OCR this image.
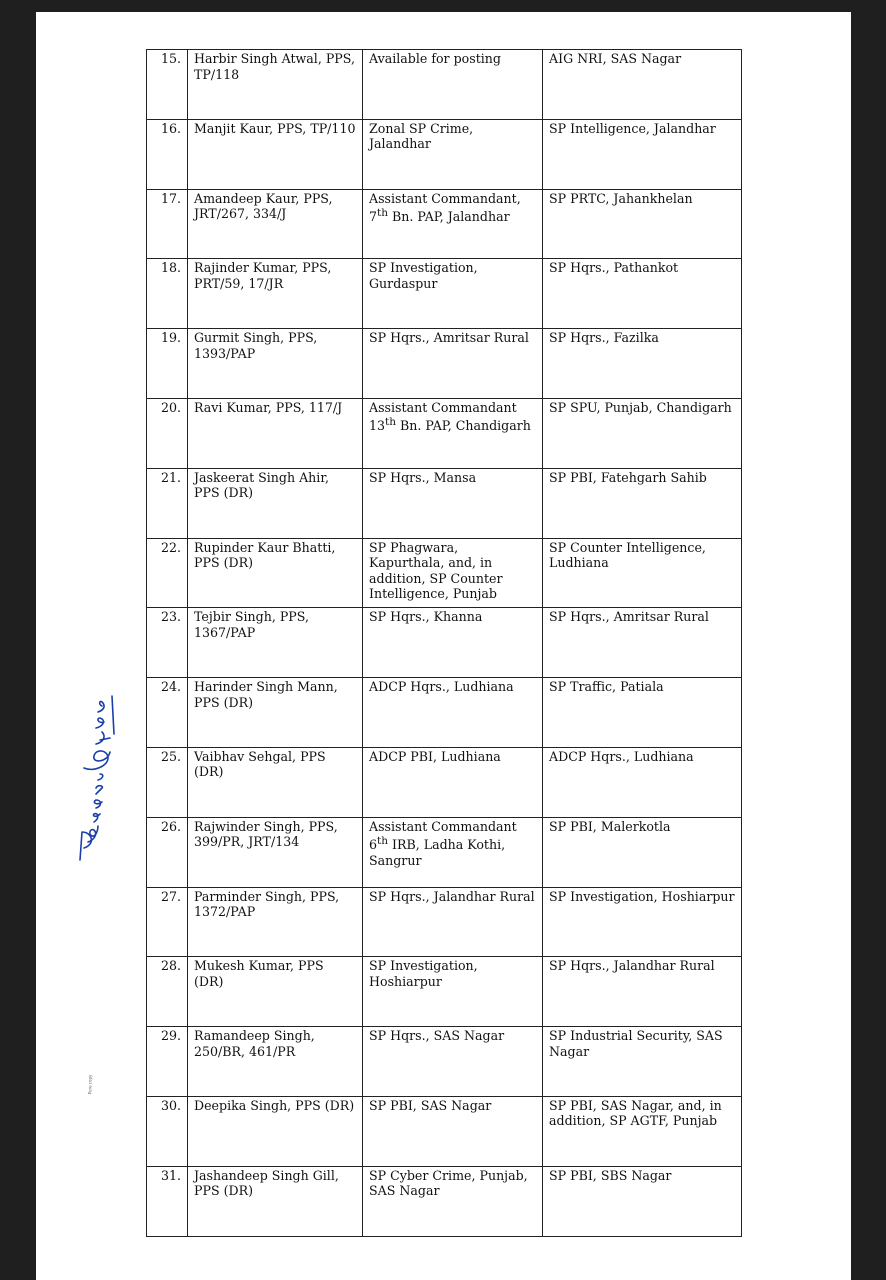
Pure copy
15.	Harbir Singh Atwal, PPS, TP/118	Available for posting	AIG NRI, SAS Nagar
16.	Manjit Kaur, PPS, TP/110	Zonal SP Crime, Jalandhar	SP Intelligence, Jalandhar
17.	Amandeep Kaur, PPS, JRT/267, 334/J	Assistant Commandant, 7th Bn. PAP, Jalandhar	SP PRTC, Jahankhelan
18.	Rajinder Kumar, PPS, PRT/59, 17/JR	SP Investigation, Gurdaspur	SP Hqrs., Pathankot
19.	Gurmit Singh, PPS, 1393/PAP	SP Hqrs., Amritsar Rural	SP Hqrs., Fazilka
20.	Ravi Kumar, PPS, 117/J	Assistant Commandant 13th Bn. PAP, Chandigarh	SP SPU, Punjab, Chandigarh
21.	Jaskeerat Singh Ahir, PPS (DR)	SP Hqrs., Mansa	SP PBI, Fatehgarh Sahib
22.	Rupinder Kaur Bhatti, PPS (DR)	SP Phagwara, Kapurthala, and, in addition, SP Counter Intelligence, Punjab	SP Counter Intelligence, Ludhiana
23.	Tejbir Singh, PPS, 1367/PAP	SP Hqrs., Khanna	SP Hqrs., Amritsar Rural
24.	Harinder Singh Mann, PPS (DR)	ADCP Hqrs., Ludhiana	SP Traffic, Patiala
25.	Vaibhav Sehgal, PPS (DR)	ADCP PBI, Ludhiana	ADCP Hqrs., Ludhiana
26.	Rajwinder Singh, PPS, 399/PR, JRT/134	Assistant Commandant 6th IRB, Ladha Kothi, Sangrur	SP PBI, Malerkotla
27.	Parminder Singh, PPS, 1372/PAP	SP Hqrs., Jalandhar Rural	SP Investigation, Hoshiarpur
28.	Mukesh Kumar, PPS (DR)	SP Investigation, Hoshiarpur	SP Hqrs., Jalandhar Rural
29.	Ramandeep Singh, 250/BR, 461/PR	SP Hqrs., SAS Nagar	SP Industrial Security, SAS Nagar
30.	Deepika Singh, PPS (DR)	SP PBI, SAS Nagar	SP PBI, SAS Nagar, and, in addition, SP AGTF, Punjab
31.	Jashandeep Singh Gill, PPS (DR)	SP Cyber Crime, Punjab, SAS Nagar	SP PBI, SBS Nagar
